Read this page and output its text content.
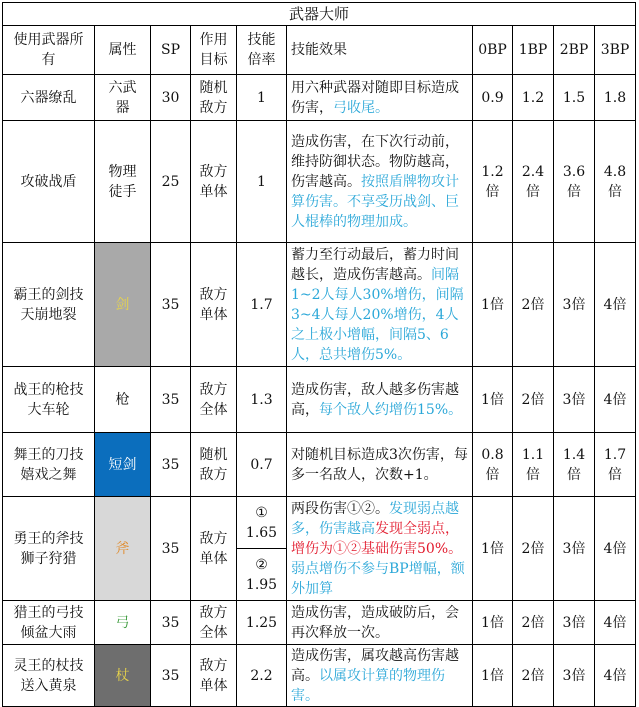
武器大师									
使用武器所有	属性	SP	作用目标	技能倍率	技能效果	0BP	1BP	2BP	3BP
六器缭乱	六武器	30	随机敌方	1	用六种武器对随即目标造成伤害，弓收尾。	0.9	1.2	1.5	1.8
攻破战盾	物理徒手	25	敌方单体	1	造成伤害，在下次行动前，维持防御状态。物防越高，伤害越高。按照盾牌物攻计算伤害。不享受历战剑、巨人棍棒的物理加成。	1.2倍	2.4倍	3.6倍	4.8倍
霸王的剑技天崩地裂	剑	35	敌方单体	1.7	蓄力至行动最后，蓄力时间越长，造成伤害越高。间隔1~2人每人30%增伤，间隔3~4人每人20%增伤，4人之上极小增幅，间隔5、6人，总共增伤5%。	1倍	2倍	3倍	4倍
战王的枪技大车轮	枪	35	敌方全体	1.3	造成伤害，敌人越多伤害越高，每个敌人约增伤15%。	1倍	2倍	3倍	4倍
舞王的刀技嬉戏之舞	短剑	35	随机敌方	0.7	对随机目标造成3次伤害，每多一名敌人，次数+1。	0.8倍	1.1倍	1.4倍	1.7倍
勇王的斧技狮子狩猎	斧	35	敌方单体	① 1.65	两段伤害①②。发现弱点越多，伤害越高发现全弱点，增伤为①②基础伤害50%。弱点增伤不参与BP增幅，额外加算	1倍	2倍	3倍	4倍
				② 1.95					
猎王的弓技倾盆大雨	弓	35	敌方全体	1.25	造成伤害，造成破防后，会再次释放一次。	1倍	2倍	3倍	4倍
灵王的杖技送入黄泉	杖	35	敌方单体	2.2	造成伤害，属攻越高伤害越高。以属攻计算的物理伤害。	1倍	2倍	3倍	4倍
